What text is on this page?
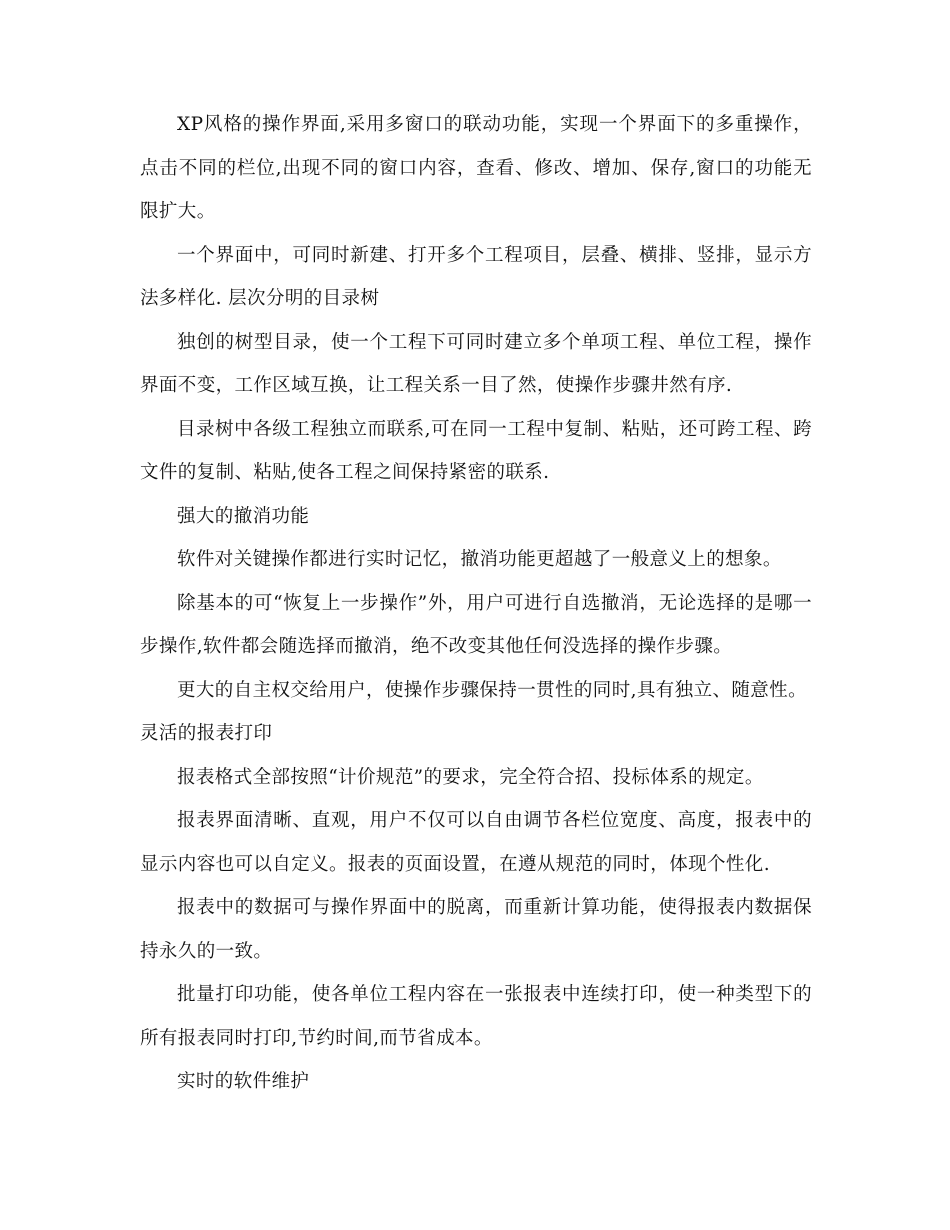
XP风格的操作界面,采用多窗口的联动功能，实现一个界面下的多重操作，点击不同的栏位,出现不同的窗口内容，查看、修改、增加、保存,窗口的功能无限扩大。

一个界面中，可同时新建、打开多个工程项目，层叠、横排、竖排，显示方法多样化. 层次分明的目录树

独创的树型目录，使一个工程下可同时建立多个单项工程、单位工程，操作界面不变，工作区域互换，让工程关系一目了然，使操作步骤井然有序.

目录树中各级工程独立而联系,可在同一工程中复制、粘贴，还可跨工程、跨文件的复制、粘贴,使各工程之间保持紧密的联系.

强大的撤消功能

软件对关键操作都进行实时记忆，撤消功能更超越了一般意义上的想象。

除基本的可“恢复上一步操作”外，用户可进行自选撤消，无论选择的是哪一步操作,软件都会随选择而撤消，绝不改变其他任何没选择的操作步骤。

更大的自主权交给用户，使操作步骤保持一贯性的同时,具有独立、随意性。

灵活的报表打印

报表格式全部按照“计价规范”的要求，完全符合招、投标体系的规定。

报表界面清晰、直观，用户不仅可以自由调节各栏位宽度、高度，报表中的显示内容也可以自定义。报表的页面设置，在遵从规范的同时，体现个性化.

报表中的数据可与操作界面中的脱离，而重新计算功能，使得报表内数据保持永久的一致。

批量打印功能，使各单位工程内容在一张报表中连续打印，使一种类型下的所有报表同时打印,节约时间,而节省成本。

实时的软件维护
